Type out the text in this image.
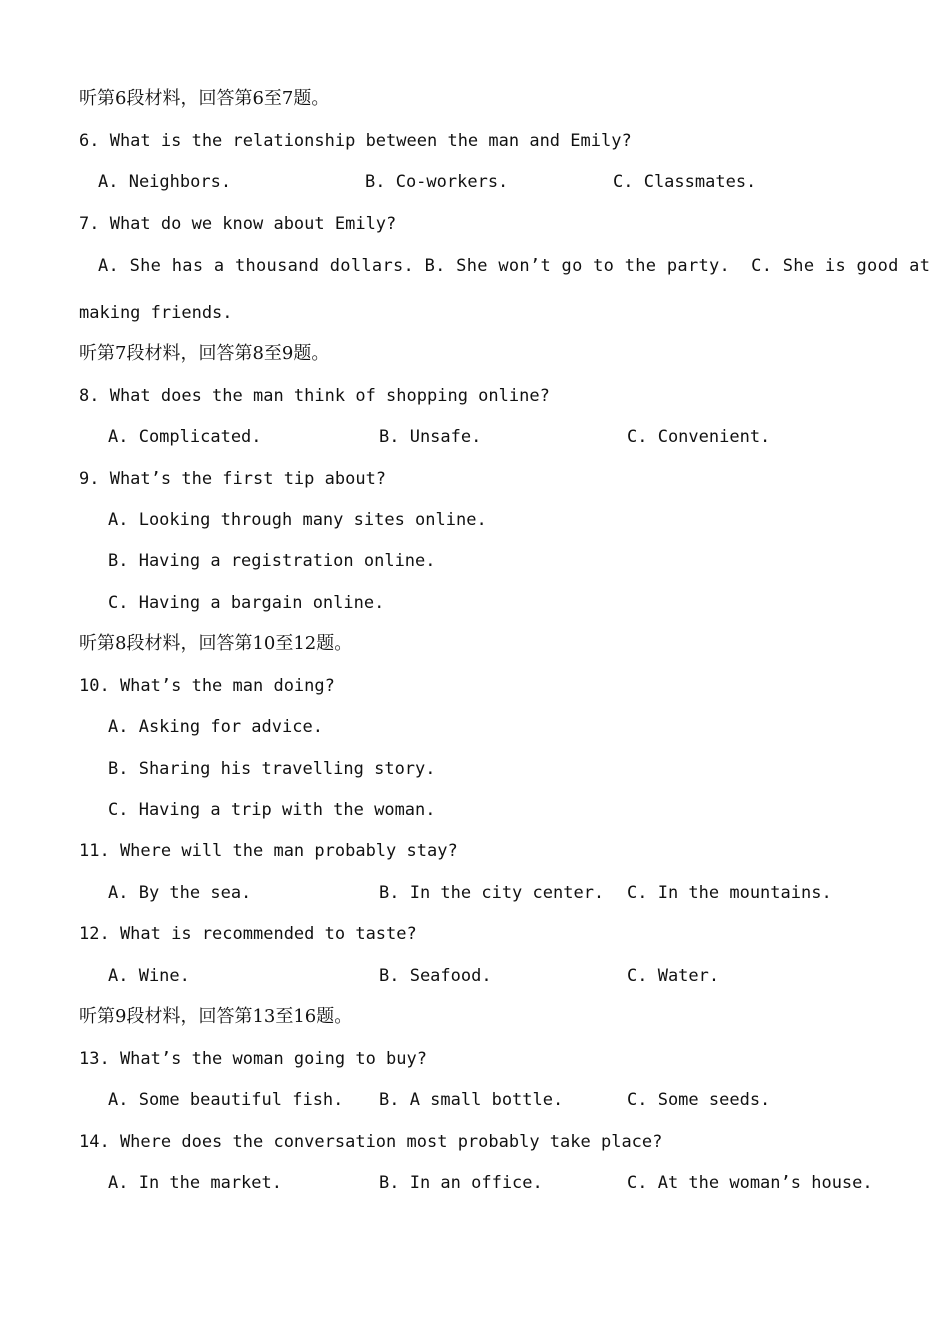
听第6段材料，回答第6至7题。
6. What is the relationship between the man and Emily?
A. Neighbors.	B. Co-workers.	C. Classmates.
7. What do we know about Emily?
A. She has a thousand dollars. B. She won’t go to the party.  C. She is good at
making friends.
听第7段材料，回答第8至9题。
8. What does the man think of shopping online?
A. Complicated.	B. Unsafe.	C. Convenient.
9. What’s the first tip about?
A. Looking through many sites online.
B. Having a registration online.
C. Having a bargain online.
听第8段材料，回答第10至12题。
10. What’s the man doing?
A. Asking for advice.
B. Sharing his travelling story.
C. Having a trip with the woman.
11. Where will the man probably stay?
A. By the sea.	B. In the city center. C. In the mountains.
12. What is recommended to taste?
A. Wine.	B. Seafood.	C. Water.
听第9段材料，回答第13至16题。
13. What’s the woman going to buy?
A. Some beautiful fish. B. A small bottle.	C. Some seeds.
14. Where does the conversation most probably take place?
A. In the market.	B. In an office.	C. At the woman’s house.
